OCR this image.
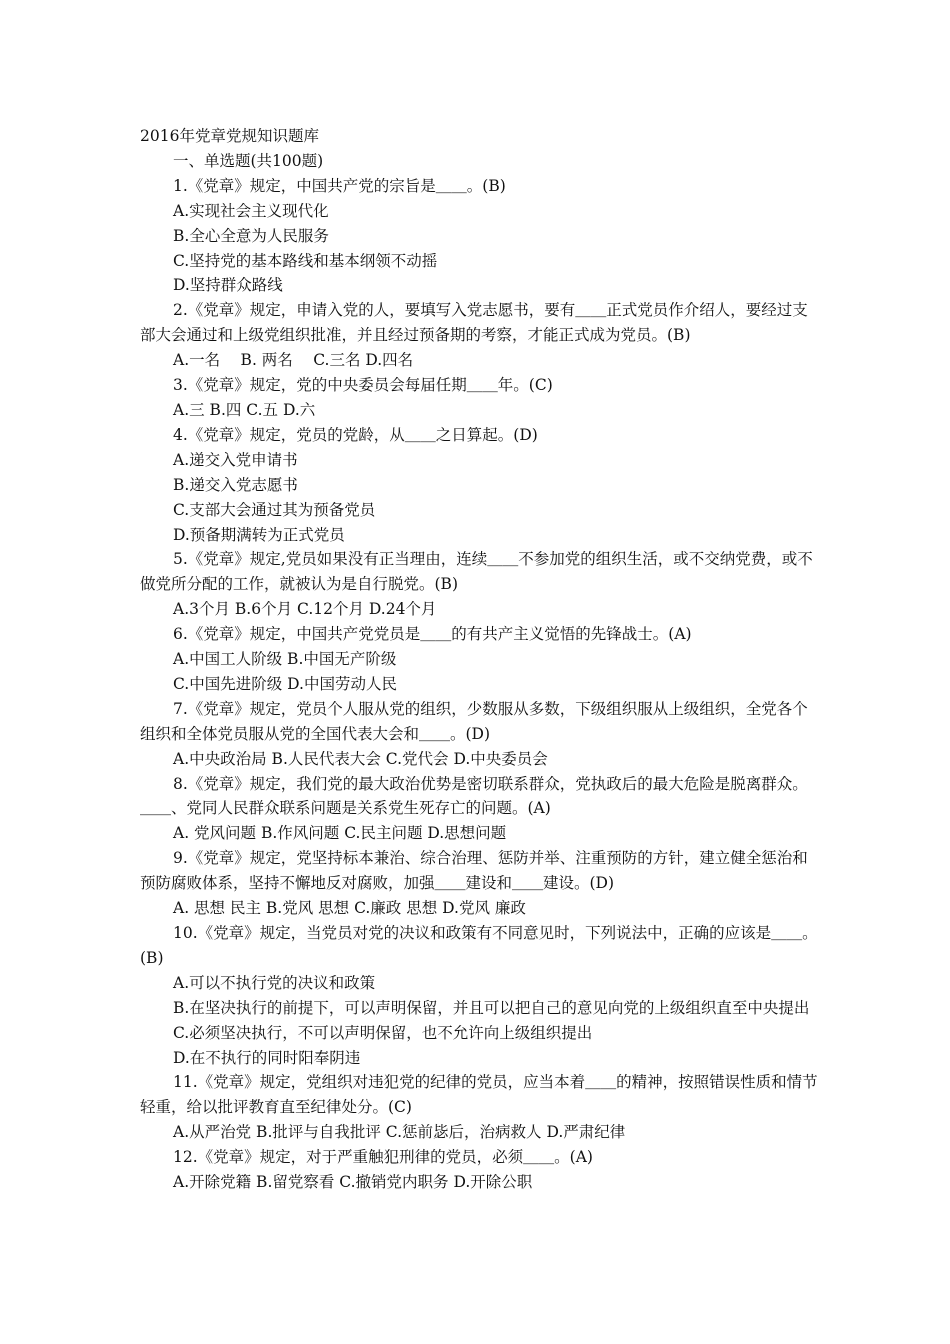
2016年党章党规知识题库

一、单选题(共100题)

1.《党章》规定，中国共产党的宗旨是＿＿。(B)

A.实现社会主义现代化

B.全心全意为人民服务

C.坚持党的基本路线和基本纲领不动摇

D.坚持群众路线

2.《党章》规定，申请入党的人，要填写入党志愿书，要有＿＿正式党员作介绍人，要经过支部大会通过和上级党组织批准，并且经过预备期的考察，才能正式成为党员。(B)

A.一名　 B. 两名　 C.三名 D.四名

3.《党章》规定，党的中央委员会每届任期＿＿年。(C)

A.三 B.四 C.五 D.六

4.《党章》规定，党员的党龄，从＿＿之日算起。(D)

A.递交入党申请书

B.递交入党志愿书

C.支部大会通过其为预备党员

D.预备期满转为正式党员

5.《党章》规定,党员如果没有正当理由，连续＿＿不参加党的组织生活，或不交纳党费，或不做党所分配的工作，就被认为是自行脱党。(B)

A.3个月 B.6个月 C.12个月 D.24个月

6.《党章》规定，中国共产党党员是＿＿的有共产主义觉悟的先锋战士。(A)

A.中国工人阶级 B.中国无产阶级

C.中国先进阶级 D.中国劳动人民

7.《党章》规定，党员个人服从党的组织，少数服从多数，下级组织服从上级组织，全党各个组织和全体党员服从党的全国代表大会和＿＿。(D)

A.中央政治局 B.人民代表大会 C.党代会 D.中央委员会

8.《党章》规定，我们党的最大政治优势是密切联系群众，党执政后的最大危险是脱离群众。＿＿、党同人民群众联系问题是关系党生死存亡的问题。(A)

A. 党风问题 B.作风问题 C.民主问题 D.思想问题

9.《党章》规定，党坚持标本兼治、综合治理、惩防并举、注重预防的方针，建立健全惩治和预防腐败体系，坚持不懈地反对腐败，加强＿＿建设和＿＿建设。(D)

A. 思想 民主 B.党风 思想 C.廉政 思想 D.党风 廉政

10.《党章》规定，当党员对党的决议和政策有不同意见时，下列说法中，正确的应该是＿＿。(B)

A.可以不执行党的决议和政策

B.在坚决执行的前提下，可以声明保留，并且可以把自己的意见向党的上级组织直至中央提出

C.必须坚决执行，不可以声明保留，也不允许向上级组织提出

D.在不执行的同时阳奉阴违

11.《党章》规定，党组织对违犯党的纪律的党员，应当本着＿＿的精神，按照错误性质和情节轻重，给以批评教育直至纪律处分。(C)

A.从严治党 B.批评与自我批评 C.惩前毖后，治病救人 D.严肃纪律

12.《党章》规定，对于严重触犯刑律的党员，必须＿＿。(A)

A.开除党籍 B.留党察看 C.撤销党内职务 D.开除公职
